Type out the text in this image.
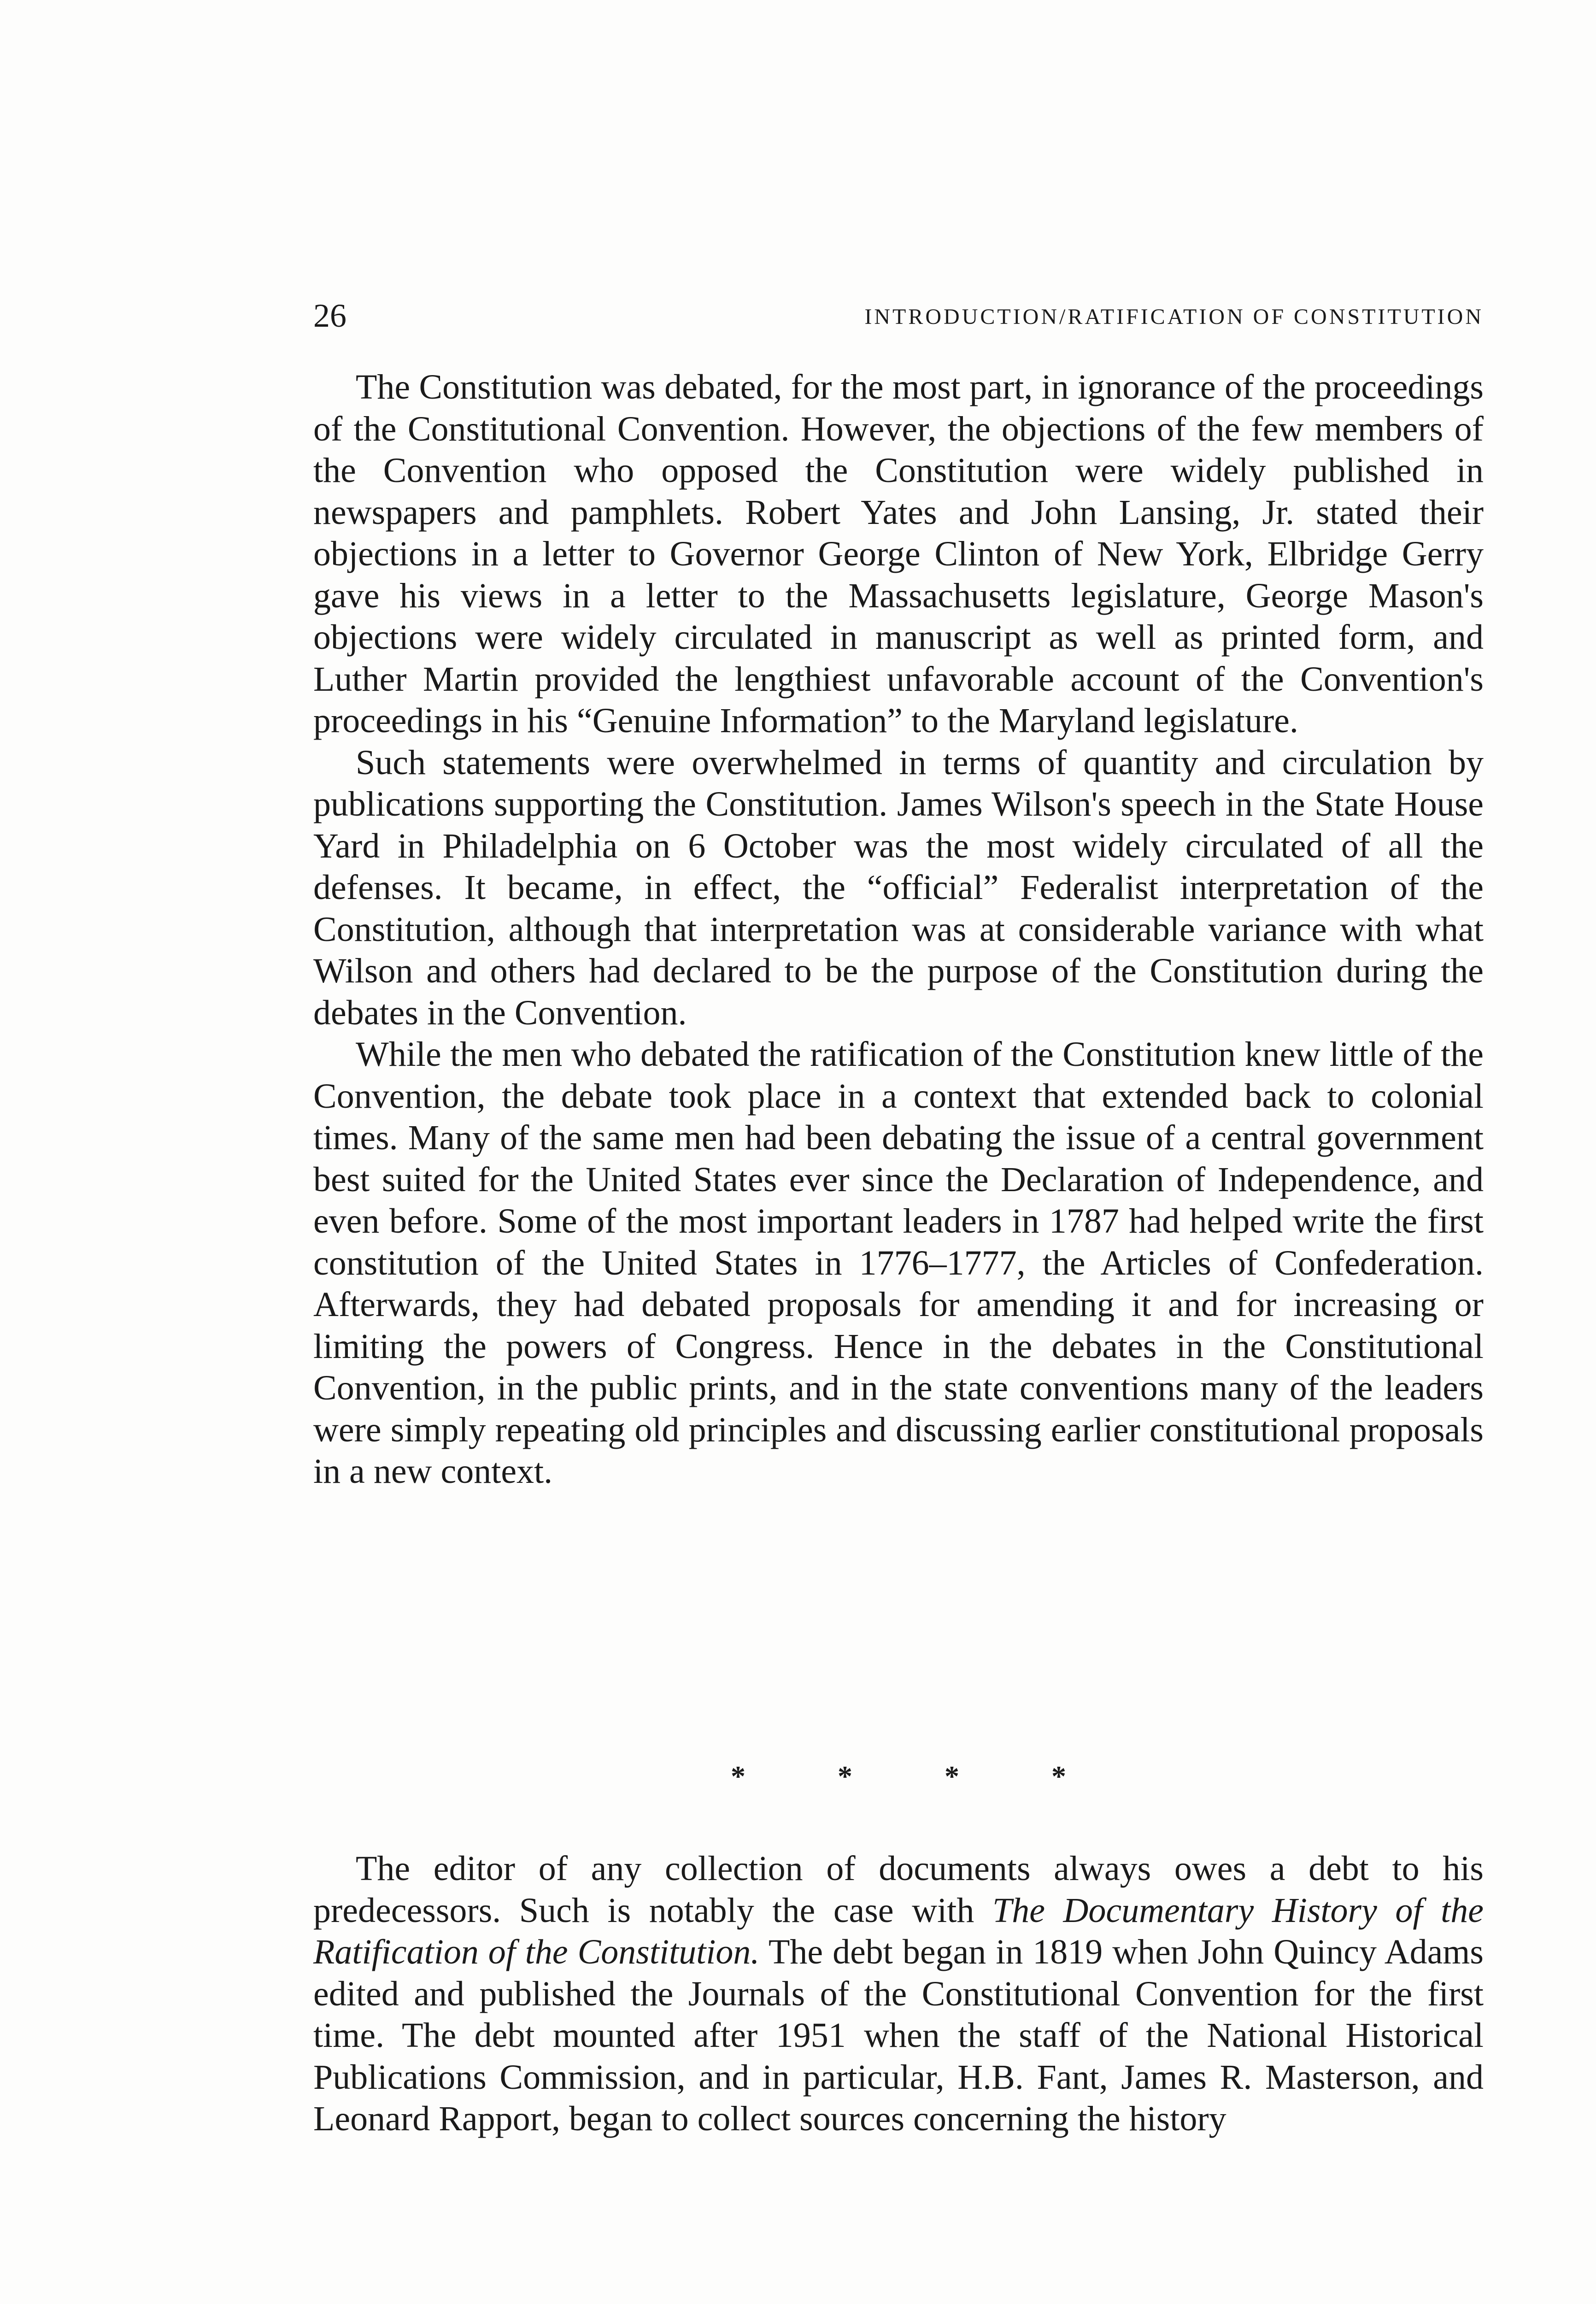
26	INTRODUCTION/RATIFICATION OF CONSTITUTION

The Constitution was debated, for the most part, in ignorance of the proceedings of the Constitutional Convention. However, the objections of the few members of the Convention who opposed the Constitution were widely published in newspapers and pamphlets. Robert Yates and John Lansing, Jr. stated their objections in a letter to Governor George Clinton of New York, Elbridge Gerry gave his views in a letter to the Massachusetts legislature, George Mason's objections were widely circulated in manuscript as well as printed form, and Luther Martin provided the lengthiest unfavorable account of the Convention's proceedings in his “Genuine Information” to the Maryland legislature.

Such statements were overwhelmed in terms of quantity and circulation by publications supporting the Constitution. James Wilson's speech in the State House Yard in Philadelphia on 6 October was the most widely circulated of all the defenses. It became, in effect, the “official” Federalist interpretation of the Constitution, although that interpretation was at considerable variance with what Wilson and others had declared to be the purpose of the Constitution during the debates in the Convention.

While the men who debated the ratification of the Constitution knew little of the Convention, the debate took place in a context that extended back to colonial times. Many of the same men had been debating the issue of a central government best suited for the United States ever since the Declaration of Independence, and even before. Some of the most important leaders in 1787 had helped write the first constitution of the United States in 1776–1777, the Articles of Confederation. Afterwards, they had debated proposals for amending it and for increasing or limiting the powers of Congress. Hence in the debates in the Constitutional Convention, in the public prints, and in the state conventions many of the leaders were simply repeating old principles and discussing earlier constitutional proposals in a new context.

*	*	*	*

The editor of any collection of documents always owes a debt to his predecessors. Such is notably the case with The Documentary History of the Ratification of the Constitution. The debt began in 1819 when John Quincy Adams edited and published the Journals of the Constitutional Convention for the first time. The debt mounted after 1951 when the staff of the National Historical Publications Commission, and in particular, H.B. Fant, James R. Masterson, and Leonard Rapport, began to collect sources concerning the history
